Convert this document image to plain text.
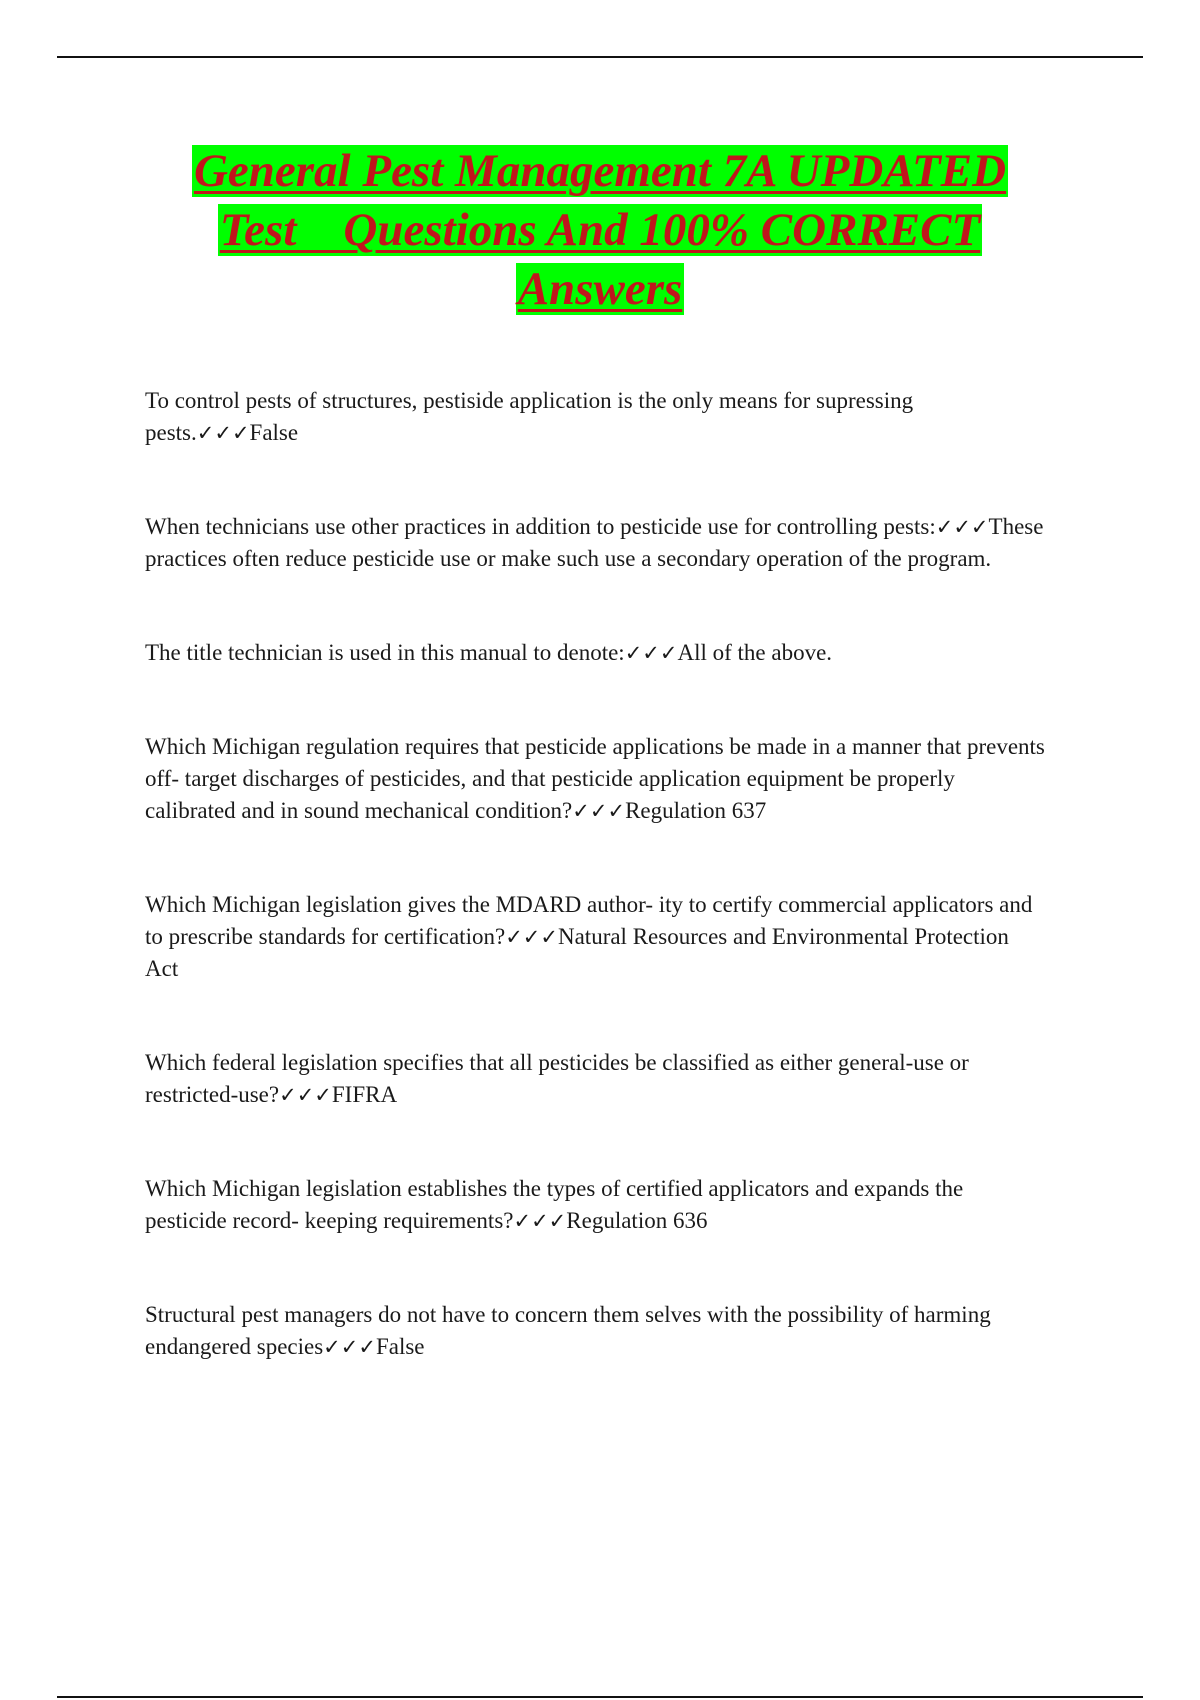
General Pest Management 7A UPDATED
Test    Questions And 100% CORRECT
Answers

To control pests of structures, pestiside application is the only means for supressing pests.✓✓✓False

When technicians use other practices in addition to pesticide use for controlling pests:✓✓✓These practices often reduce pesticide use or make such use a secondary operation of the program.

The title technician is used in this manual to denote:✓✓✓All of the above.

Which Michigan regulation requires that pesticide applications be made in a manner that prevents off- target discharges of pesticides, and that pesticide application equipment be properly calibrated and in sound mechanical condition?✓✓✓Regulation 637

Which Michigan legislation gives the MDARD author- ity to certify commercial applicators and to prescribe standards for certification?✓✓✓Natural Resources and Environmental Protection Act

Which federal legislation specifies that all pesticides be classified as either general-use or restricted-use?✓✓✓FIFRA

Which Michigan legislation establishes the types of certified applicators and expands the pesticide record- keeping requirements?✓✓✓Regulation 636

Structural pest managers do not have to concern them selves with the possibility of harming endangered species✓✓✓False
